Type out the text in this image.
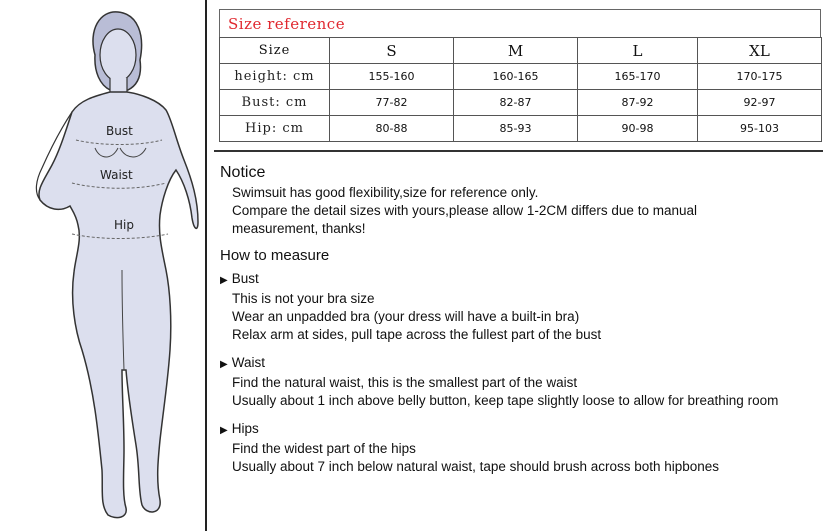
Bust
Waist
Hip
Size reference
Size	S	M	L	XL
height: cm	155-160	160-165	165-170	170-175
Bust: cm	77-82	82-87	87-92	92-97
Hip: cm	80-88	85-93	90-98	95-103
Notice
Swimsuit has good flexibility,size for reference only.
Compare the detail sizes with yours,please allow 1-2CM differs due to manual
measurement, thanks!
How to measure
▶ Bust
This is not your bra size
Wear an unpadded bra (your dress will have a built-in bra)
Relax arm at sides, pull tape across the fullest part of the bust
▶ Waist
Find the natural waist, this is the smallest part of the waist
Usually about 1 inch above belly button, keep tape slightly loose to allow for breathing room
▶ Hips
Find the widest part of the hips
Usually about 7 inch below natural waist, tape should brush across both hipbones
